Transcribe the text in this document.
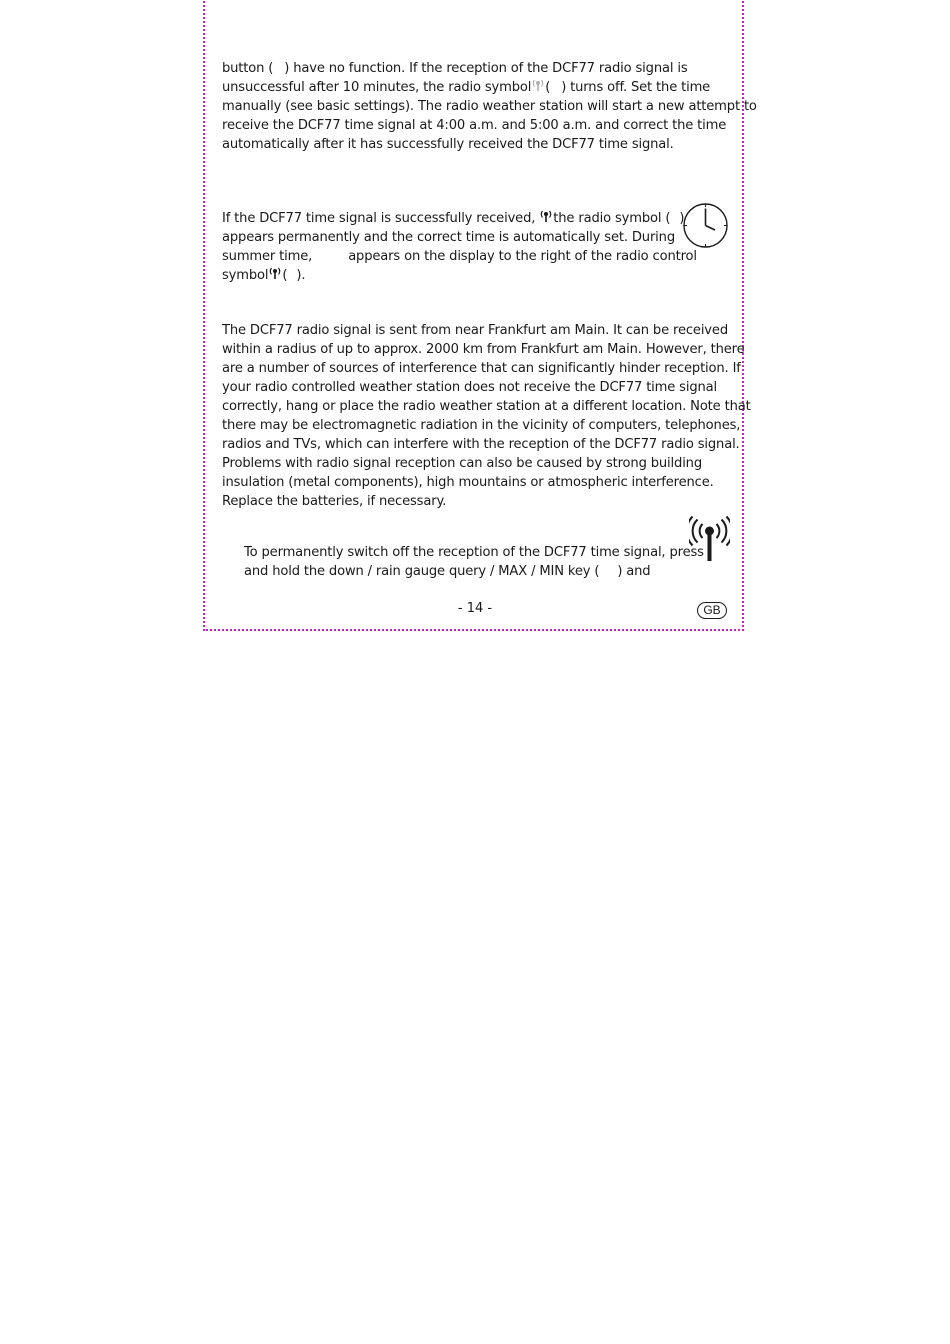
button ( ) have no function. If the reception of the DCF77 radio signal is
unsuccessful after 10 minutes, the radio symbol ( ) turns off. Set the time
manually (see basic settings). The radio weather station will start a new attempt to
receive the DCF77 time signal at 4:00 a.m. and 5:00 a.m. and correct the time
automatically after it has successfully received the DCF77 time signal.
If the DCF77 time signal is successfully received, the radio symbol ( )
appears permanently and the correct time is automatically set. During
summer time,	appears on the display to the right of the radio control
symbol ( ).
The DCF77 radio signal is sent from near Frankfurt am Main. It can be received
within a radius of up to approx. 2000 km from Frankfurt am Main. However, there
are a number of sources of interference that can significantly hinder reception. If
your radio controlled weather station does not receive the DCF77 time signal
correctly, hang or place the radio weather station at a different location. Note that
there may be electromagnetic radiation in the vicinity of computers, telephones,
radios and TVs, which can interfere with the reception of the DCF77 radio signal.
Problems with radio signal reception can also be caused by strong building
insulation (metal components), high mountains or atmospheric interference.
Replace the batteries, if necessary.
To permanently switch off the reception of the DCF77 time signal, press
and hold the down / rain gauge query / MAX / MIN key ( ) and
- 14 -	GB
